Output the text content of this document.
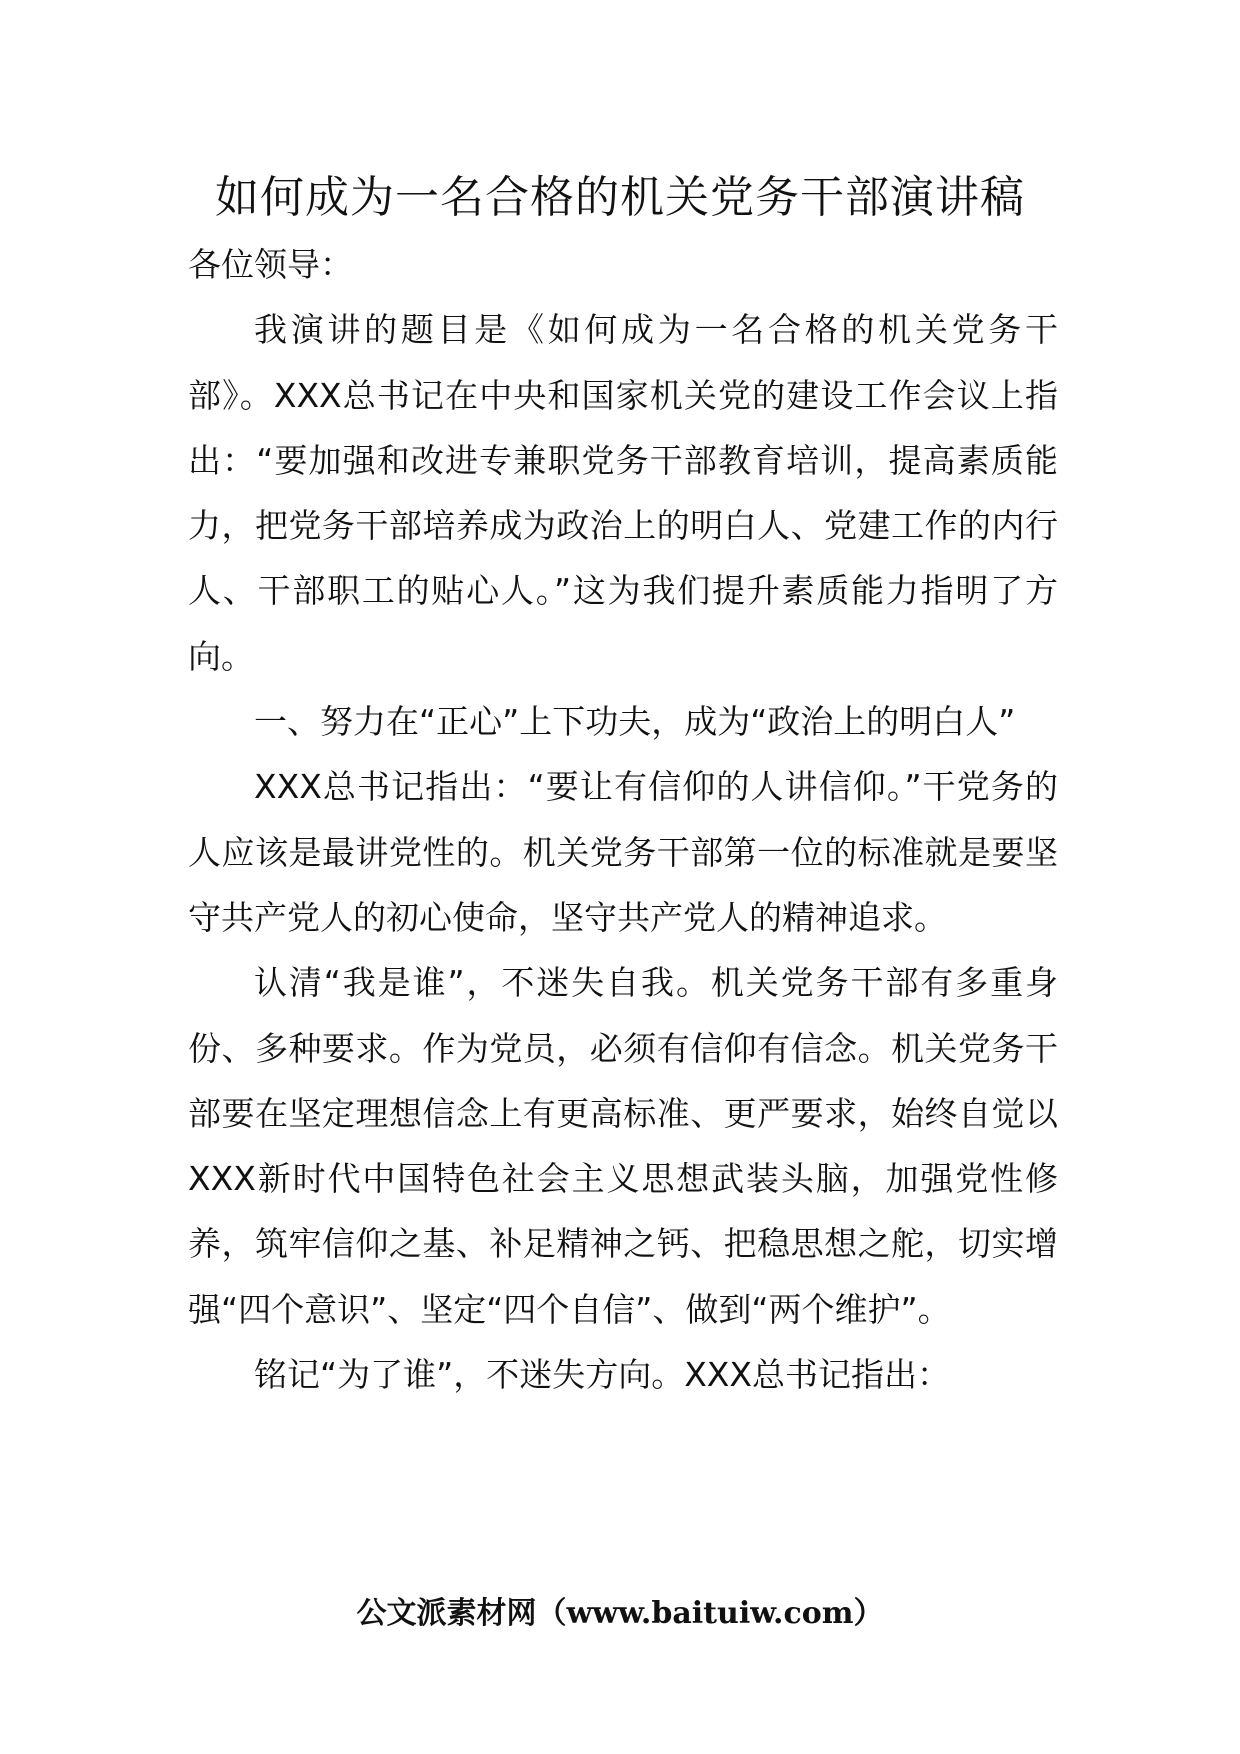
如何成为一名合格的机关党务干部演讲稿

各位领导：

我演讲的题目是《如何成为一名合格的机关党务干部》。XXX总书记在中央和国家机关党的建设工作会议上指出：“要加强和改进专兼职党务干部教育培训，提高素质能力，把党务干部培养成为政治上的明白人、党建工作的内行人、干部职工的贴心人。”这为我们提升素质能力指明了方向。

一、努力在“正心”上下功夫，成为“政治上的明白人”

XXX总书记指出：“要让有信仰的人讲信仰。”干党务的人应该是最讲党性的。机关党务干部第一位的标准就是要坚守共产党人的初心使命，坚守共产党人的精神追求。

认清“我是谁”，不迷失自我。机关党务干部有多重身份、多种要求。作为党员，必须有信仰有信念。机关党务干部要在坚定理想信念上有更高标准、更严要求，始终自觉以XXX新时代中国特色社会主义思想武装头脑，加强党性修养，筑牢信仰之基、补足精神之钙、把稳思想之舵，切实增强“四个意识”、坚定“四个自信”、做到“两个维护”。

铭记“为了谁”，不迷失方向。XXX总书记指出：

公文派素材网（www.baituiw.com）
